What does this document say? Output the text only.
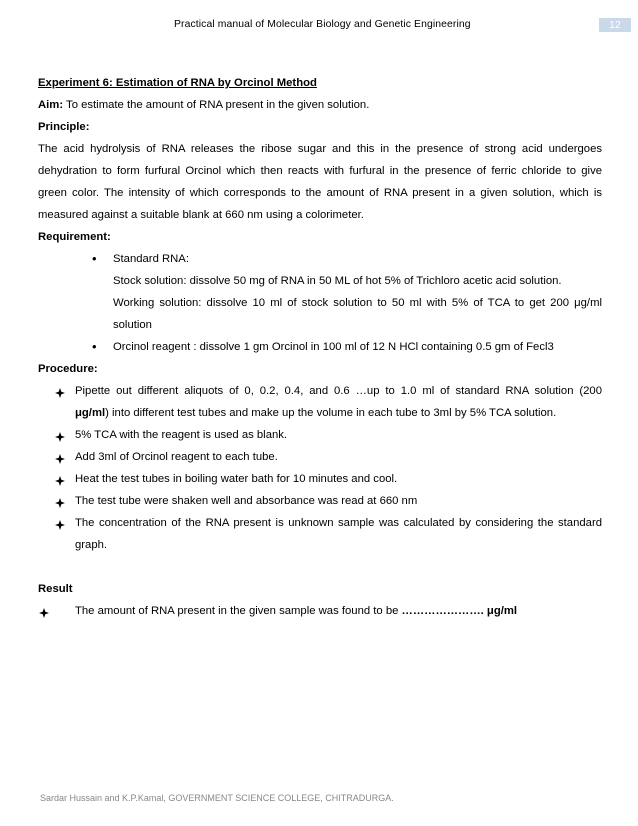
Practical manual of Molecular Biology and Genetic Engineering	12
Experiment 6: Estimation of RNA by Orcinol Method
Aim: To estimate the amount of RNA present in the given solution.
Principle:
The acid hydrolysis of RNA releases the ribose sugar and this in the presence of strong acid undergoes
dehydration to form furfural Orcinol which then reacts with furfural in the presence of ferric chloride to give
green color. The intensity of which corresponds to the amount of RNA present in a given solution, which is
measured against a suitable blank at 660 nm using a colorimeter.
Requirement:
• Standard RNA:
Stock solution: dissolve 50 mg of RNA in 50 ML of hot 5% of Trichloro acetic acid solution.
Working solution: dissolve 10 ml of stock solution to 50 ml with 5% of TCA to get 200 μg/ml
solution
• Orcinol reagent : dissolve 1 gm Orcinol in 100 ml of 12 N HCl containing 0.5 gm of Fecl3
Procedure:
Pipette out different aliquots of 0, 0.2, 0.4, and 0.6 …up to 1.0 ml of standard RNA solution (200
μg/ml) into different test tubes and make up the volume in each tube to 3ml by 5% TCA solution.
5% TCA with the reagent is used as blank.
Add 3ml of Orcinol reagent to each tube.
Heat the test tubes in boiling water bath for 10 minutes and cool.
The test tube were shaken well and absorbance was read at 660 nm
The concentration of the RNA present is unknown sample was calculated by considering the standard
graph.
Result
The amount of RNA present in the given sample was found to be …………………. μg/ml
Sardar Hussain and K.P.Kamal, GOVERNMENT SCIENCE COLLEGE, CHITRADURGA.
